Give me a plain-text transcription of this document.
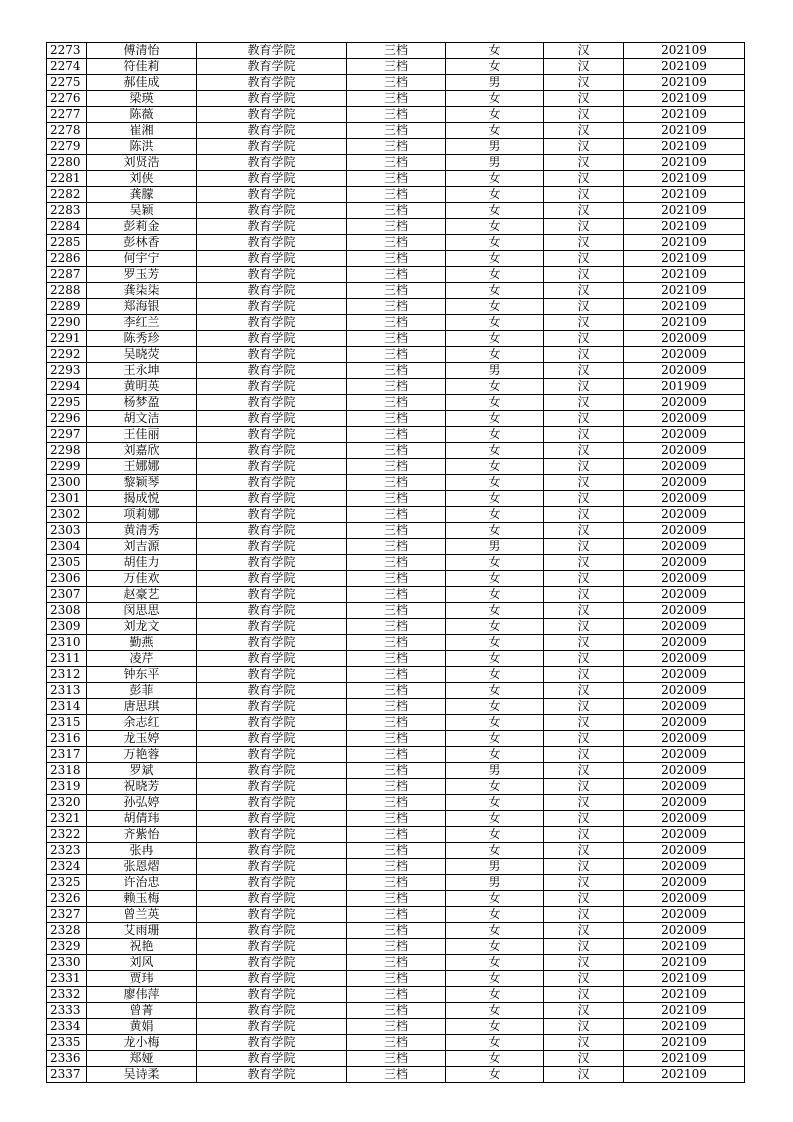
2273	傅清怡	教育学院	三档	女	汉	202109
2274	符佳莉	教育学院	三档	女	汉	202109
2275	郝佳成	教育学院	三档	男	汉	202109
2276	梁瑛	教育学院	三档	女	汉	202109
2277	陈薇	教育学院	三档	女	汉	202109
2278	崔湘	教育学院	三档	女	汉	202109
2279	陈洪	教育学院	三档	男	汉	202109
2280	刘贤浩	教育学院	三档	男	汉	202109
2281	刘侠	教育学院	三档	女	汉	202109
2282	龚朦	教育学院	三档	女	汉	202109
2283	吴颖	教育学院	三档	女	汉	202109
2284	彭莉金	教育学院	三档	女	汉	202109
2285	彭林香	教育学院	三档	女	汉	202109
2286	何宇宁	教育学院	三档	女	汉	202109
2287	罗玉芳	教育学院	三档	女	汉	202109
2288	龚柒柒	教育学院	三档	女	汉	202109
2289	郑海银	教育学院	三档	女	汉	202109
2290	李红兰	教育学院	三档	女	汉	202109
2291	陈秀珍	教育学院	三档	女	汉	202009
2292	吴晓荧	教育学院	三档	女	汉	202009
2293	王永坤	教育学院	三档	男	汉	202009
2294	黄明英	教育学院	三档	女	汉	201909
2295	杨梦盈	教育学院	三档	女	汉	202009
2296	胡文洁	教育学院	三档	女	汉	202009
2297	王佳丽	教育学院	三档	女	汉	202009
2298	刘嘉欣	教育学院	三档	女	汉	202009
2299	王娜娜	教育学院	三档	女	汉	202009
2300	黎颖琴	教育学院	三档	女	汉	202009
2301	揭成悦	教育学院	三档	女	汉	202009
2302	项莉娜	教育学院	三档	女	汉	202009
2303	黄清秀	教育学院	三档	女	汉	202009
2304	刘吉源	教育学院	三档	男	汉	202009
2305	胡佳力	教育学院	三档	女	汉	202009
2306	万佳欢	教育学院	三档	女	汉	202009
2307	赵豪艺	教育学院	三档	女	汉	202009
2308	闵思思	教育学院	三档	女	汉	202009
2309	刘龙文	教育学院	三档	女	汉	202009
2310	勤燕	教育学院	三档	女	汉	202009
2311	凌芹	教育学院	三档	女	汉	202009
2312	钟东平	教育学院	三档	女	汉	202009
2313	彭菲	教育学院	三档	女	汉	202009
2314	唐思琪	教育学院	三档	女	汉	202009
2315	余志红	教育学院	三档	女	汉	202009
2316	龙玉婷	教育学院	三档	女	汉	202009
2317	万艳蓉	教育学院	三档	女	汉	202009
2318	罗斌	教育学院	三档	男	汉	202009
2319	祝晓芳	教育学院	三档	女	汉	202009
2320	孙弘婷	教育学院	三档	女	汉	202009
2321	胡倩玮	教育学院	三档	女	汉	202009
2322	齐紫怡	教育学院	三档	女	汉	202009
2323	张冉	教育学院	三档	女	汉	202009
2324	张恩熠	教育学院	三档	男	汉	202009
2325	许治忠	教育学院	三档	男	汉	202009
2326	赖玉梅	教育学院	三档	女	汉	202009
2327	曾兰英	教育学院	三档	女	汉	202009
2328	艾雨珊	教育学院	三档	女	汉	202009
2329	祝艳	教育学院	三档	女	汉	202109
2330	刘风	教育学院	三档	女	汉	202109
2331	贾玮	教育学院	三档	女	汉	202109
2332	廖伟萍	教育学院	三档	女	汉	202109
2333	曾菁	教育学院	三档	女	汉	202109
2334	黄娟	教育学院	三档	女	汉	202109
2335	龙小梅	教育学院	三档	女	汉	202109
2336	郑娅	教育学院	三档	女	汉	202109
2337	吴诗柔	教育学院	三档	女	汉	202109
